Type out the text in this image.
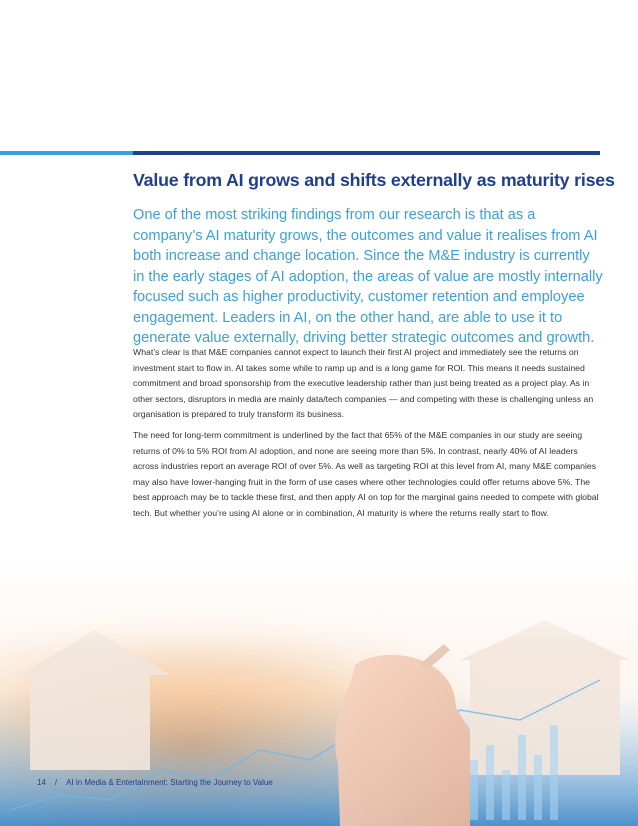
Value from AI grows and shifts externally as maturity rises

One of the most striking findings from our research is that as a company’s AI maturity grows, the outcomes and value it realises from AI both increase and change location. Since the M&E industry is currently in the early stages of AI adoption, the areas of value are mostly internally focused such as higher productivity, customer retention and employee engagement. Leaders in AI, on the other hand, are able to use it to generate value externally, driving better strategic outcomes and growth.

What’s clear is that M&E companies cannot expect to launch their first AI project and immediately see the returns on investment start to flow in. AI takes some while to ramp up and is a long game for ROI. This means it needs sustained commitment and broad sponsorship from the executive leadership rather than just being treated as a project play. As in other sectors, disruptors in media are mainly data/tech companies — and competing with these is challenging unless an organisation is prepared to truly transform its business.

The need for long-term commitment is underlined by the fact that 65% of the M&E companies in our study are seeing returns of 0% to 5% ROI from AI adoption, and none are seeing more than 5%. In contrast, nearly 40% of AI leaders across industries report an average ROI of over 5%. As well as targeting ROI at this level from AI, many M&E companies may also have lower-hanging fruit in the form of use cases where other technologies could offer returns above 5%. The best approach may be to tackle these first, and then apply AI on top for the marginal gains needed to compete with global tech. But whether you’re using AI alone or in combination, AI maturity is where the returns really start to flow.

14 / AI in Media & Entertainment: Starting the Journey to Value
